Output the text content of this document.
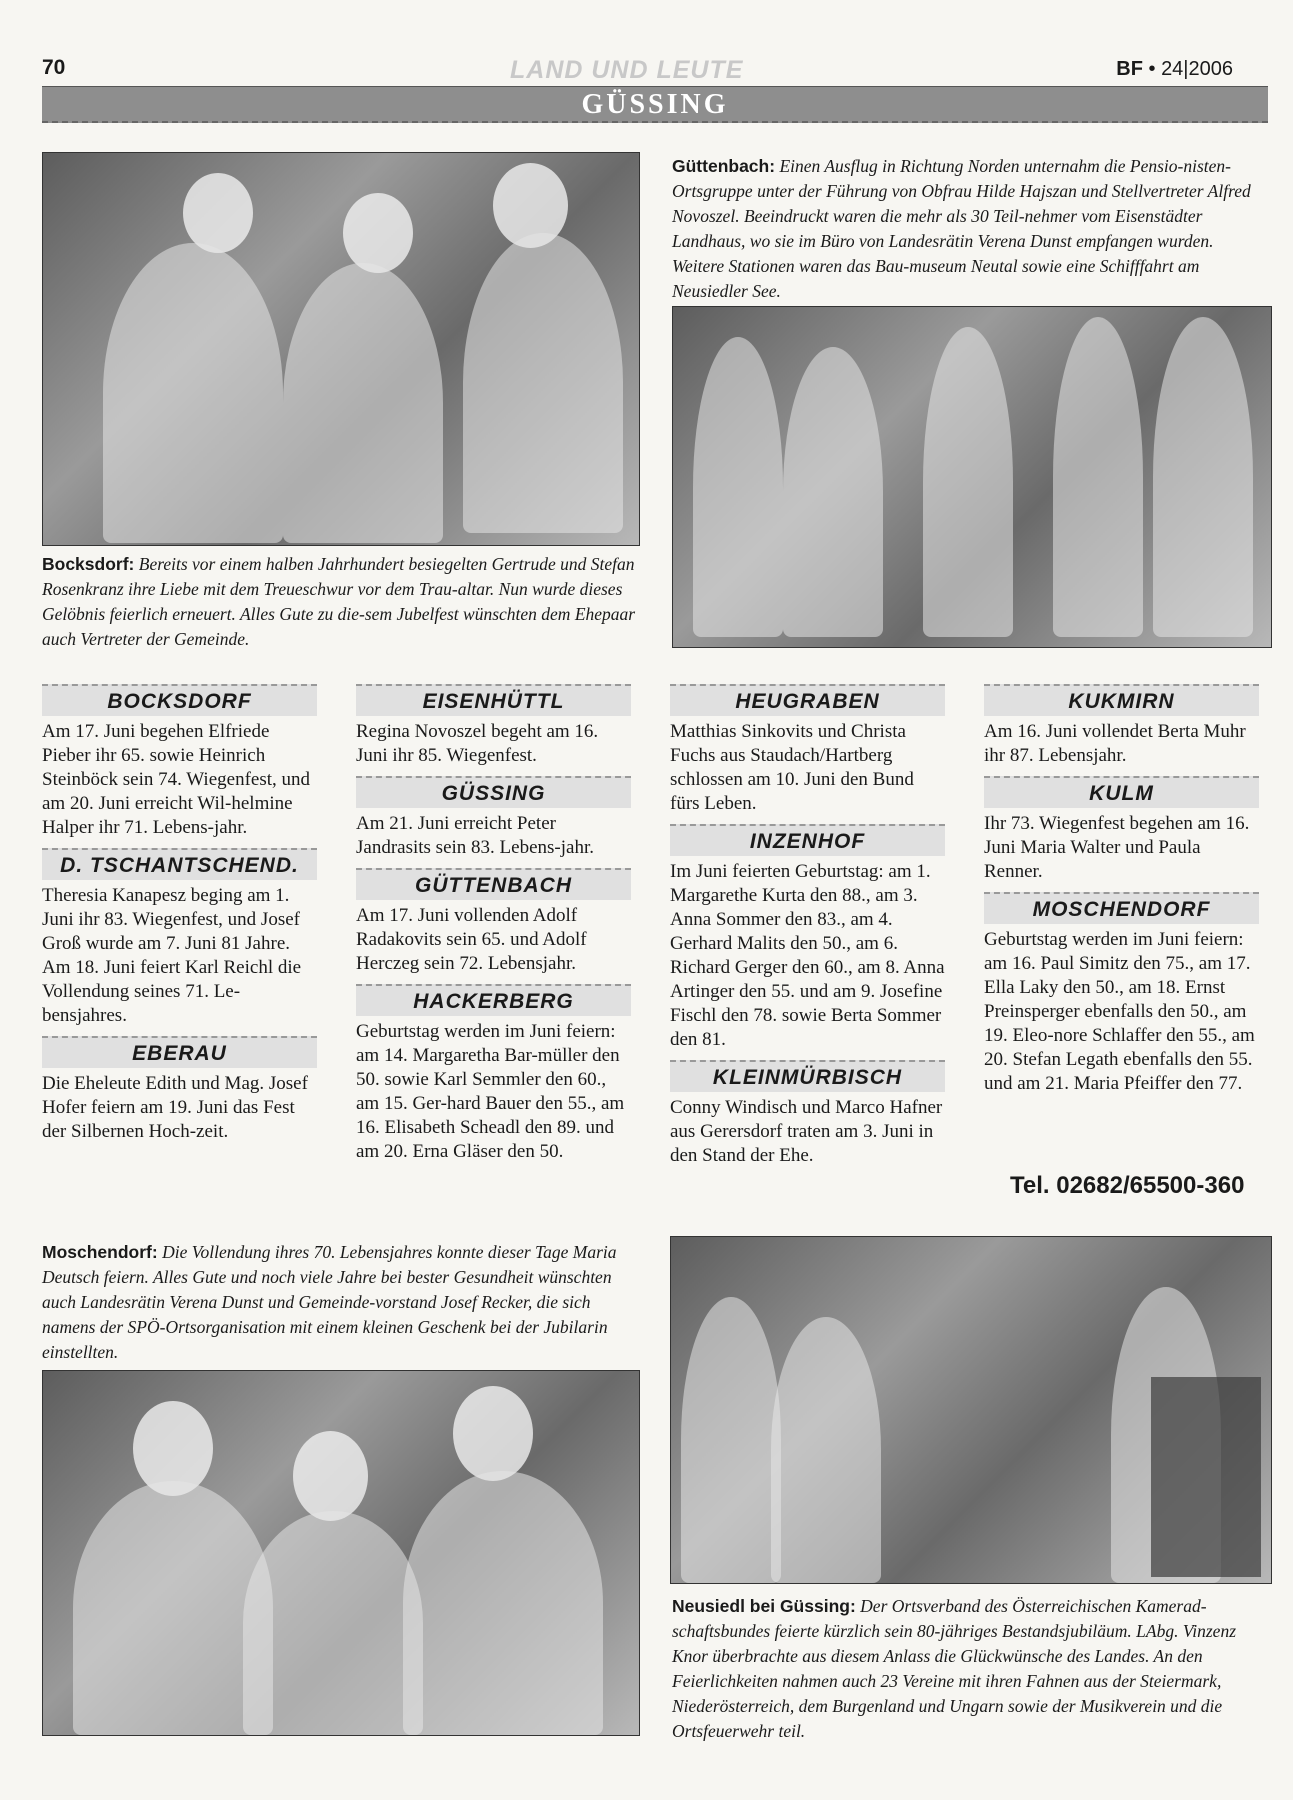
70	LAND UND LEUTE	BF • 24|2006
GÜSSING
Güttenbach: Einen Ausflug in Richtung Norden unternahm die Pensio-nisten-Ortsgruppe unter der Führung von Obfrau Hilde Hajszan und Stellvertreter Alfred Novoszel. Beeindruckt waren die mehr als 30 Teil-nehmer vom Eisenstädter Landhaus, wo sie im Büro von Landesrätin Verena Dunst empfangen wurden. Weitere Stationen waren das Bau-museum Neutal sowie eine Schifffahrt am Neusiedler See.
Bocksdorf: Bereits vor einem halben Jahrhundert besiegelten Gertrude und Stefan Rosenkranz ihre Liebe mit dem Treueschwur vor dem Trau-altar. Nun wurde dieses Gelöbnis feierlich erneuert. Alles Gute zu die-sem Jubelfest wünschten dem Ehepaar auch Vertreter der Gemeinde.
BOCKSDORF
Am 17. Juni begehen Elfriede Pieber ihr 65. sowie Heinrich Steinböck sein 74. Wiegenfest, und am 20. Juni erreicht Wil-helmine Halper ihr 71. Lebens-jahr.
D. TSCHANTSCHEND.
Theresia Kanapesz beging am 1. Juni ihr 83. Wiegenfest, und Josef Groß wurde am 7. Juni 81 Jahre.
Am 18. Juni feiert Karl Reichl die Vollendung seines 71. Le-bensjahres.
EBERAU
Die Eheleute Edith und Mag. Josef Hofer feiern am 19. Juni das Fest der Silbernen Hoch-zeit.
EISENHÜTTL
Regina Novoszel begeht am 16. Juni ihr 85. Wiegenfest.
GÜSSING
Am 21. Juni erreicht Peter Jandrasits sein 83. Lebens-jahr.
GÜTTENBACH
Am 17. Juni vollenden Adolf Radakovits sein 65. und Adolf Herczeg sein 72. Lebensjahr.
HACKERBERG
Geburtstag werden im Juni feiern: am 14. Margaretha Bar-müller den 50. sowie Karl Semmler den 60., am 15. Ger-hard Bauer den 55., am 16. Elisabeth Scheadl den 89. und am 20. Erna Gläser den 50.
HEUGRABEN
Matthias Sinkovits und Christa Fuchs aus Staudach/Hartberg schlossen am 10. Juni den Bund fürs Leben.
INZENHOF
Im Juni feierten Geburtstag: am 1. Margarethe Kurta den 88., am 3. Anna Sommer den 83., am 4. Gerhard Malits den 50., am 6. Richard Gerger den 60., am 8. Anna Artinger den 55. und am 9. Josefine Fischl den 78. sowie Berta Sommer den 81.
KLEINMÜRBISCH
Conny Windisch und Marco Hafner aus Gerersdorf traten am 3. Juni in den Stand der Ehe.
KUKMIRN
Am 16. Juni vollendet Berta Muhr ihr 87. Lebensjahr.
KULM
Ihr 73. Wiegenfest begehen am 16. Juni Maria Walter und Paula Renner.
MOSCHENDORF
Geburtstag werden im Juni feiern: am 16. Paul Simitz den 75., am 17. Ella Laky den 50., am 18. Ernst Preinsperger ebenfalls den 50., am 19. Eleo-nore Schlaffer den 55., am 20. Stefan Legath ebenfalls den 55. und am 21. Maria Pfeiffer den 77.
Tel. 02682/65500-360
Moschendorf: Die Vollendung ihres 70. Lebensjahres konnte dieser Tage Maria Deutsch feiern. Alles Gute und noch viele Jahre bei bester Gesundheit wünschten auch Landesrätin Verena Dunst und Gemeinde-vorstand Josef Recker, die sich namens der SPÖ-Ortsorganisation mit einem kleinen Geschenk bei der Jubilarin einstellten.
Neusiedl bei Güssing: Der Ortsverband des Österreichischen Kamerad-schaftsbundes feierte kürzlich sein 80-jähriges Bestandsjubiläum. LAbg. Vinzenz Knor überbrachte aus diesem Anlass die Glückwünsche des Landes. An den Feierlichkeiten nahmen auch 23 Vereine mit ihren Fahnen aus der Steiermark, Niederösterreich, dem Burgenland und Ungarn sowie der Musikverein und die Ortsfeuerwehr teil.
